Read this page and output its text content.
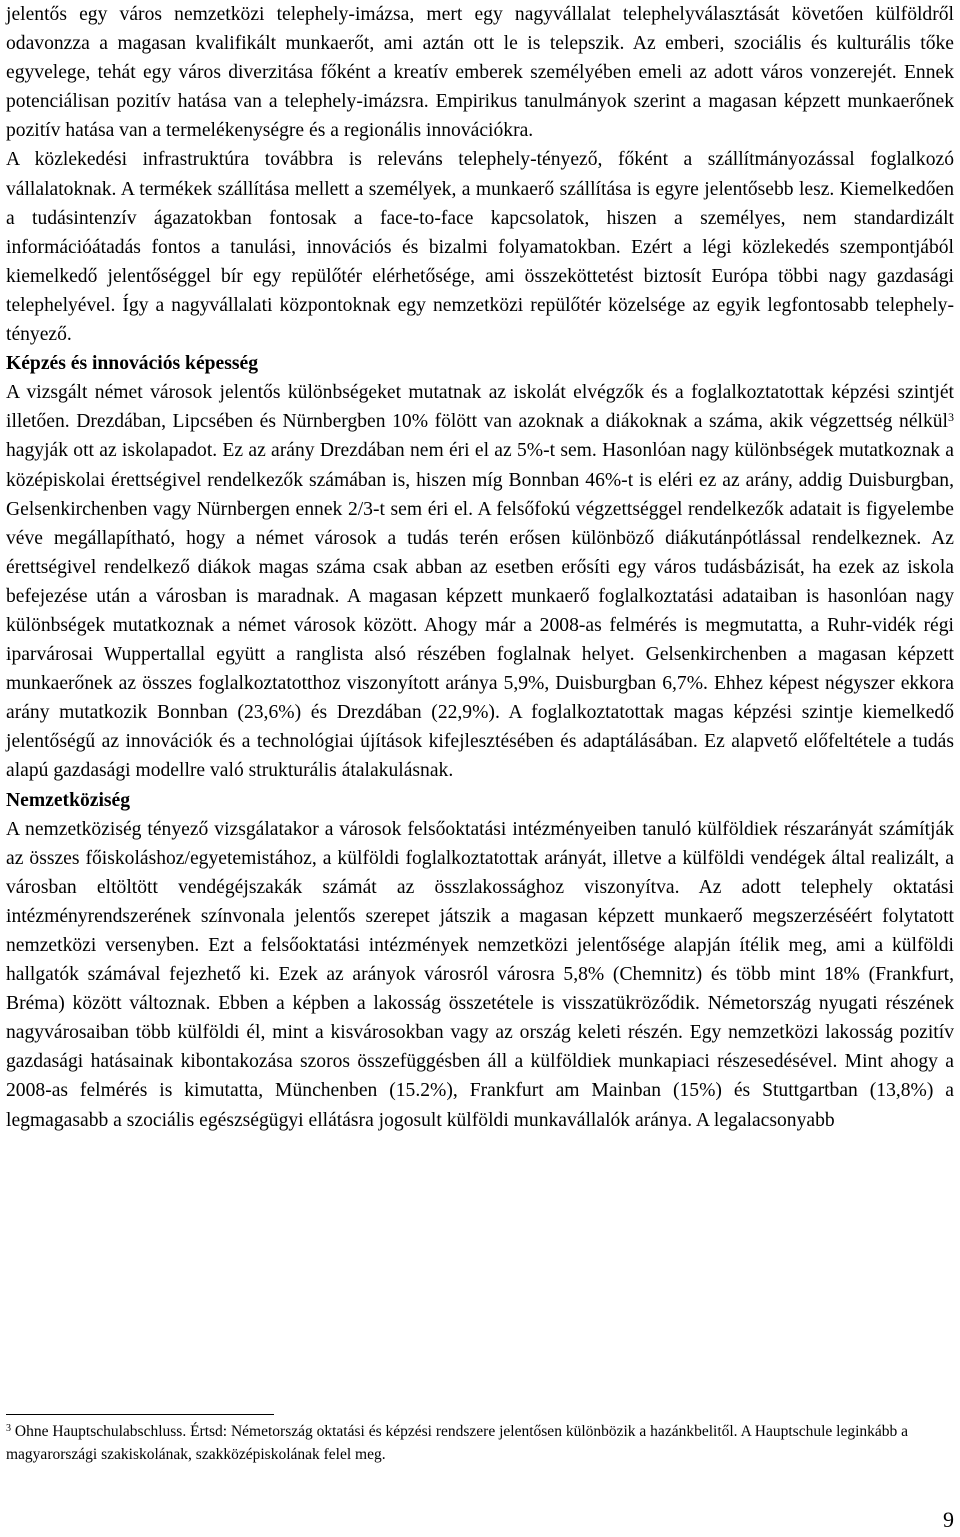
jelentős egy város nemzetközi telephely-imázsa, mert egy nagyvállalat telephelyválasztását követően külföldről odavonzza a magasan kvalifikált munkaerőt, ami aztán ott le is telepszik. Az emberi, szociális és kulturális tőke egyvelege, tehát egy város diverzitása főként a kreatív emberek személyében emeli az adott város vonzerejét. Ennek potenciálisan pozitív hatása van a telephely-imázsra. Empirikus tanulmányok szerint a magasan képzett munkaerőnek pozitív hatása van a termelékenységre és a regionális innovációkra.

A közlekedési infrastruktúra továbbra is releváns telephely-tényező, főként a szállítmányozással foglalkozó vállalatoknak. A termékek szállítása mellett a személyek, a munkaerő szállítása is egyre jelentősebb lesz. Kiemelkedően a tudásintenzív ágazatokban fontosak a face-to-face kapcsolatok, hiszen a személyes, nem standardizált információátadás fontos a tanulási, innovációs és bizalmi folyamatokban. Ezért a légi közlekedés szempontjából kiemelkedő jelentőséggel bír egy repülőtér elérhetősége, ami összeköttetést biztosít Európa többi nagy gazdasági telephelyével. Így a nagyvállalati központoknak egy nemzetközi repülőtér közelsége az egyik legfontosabb telephely-tényező.

Képzés és innovációs képesség

A vizsgált német városok jelentős különbségeket mutatnak az iskolát elvégzők és a foglalkoztatottak képzési szintjét illetően. Drezdában, Lipcsében és Nürnbergben 10% fölött van azoknak a diákoknak a száma, akik végzettség nélkül$^3$ hagyják ott az iskolapadot. Ez az arány Drezdában nem éri el az 5%-t sem. Hasonlóan nagy különbségek mutatkoznak a középiskolai érettségivel rendelkezők számában is, hiszen míg Bonnban 46%-t is eléri ez az arány, addig Duisburgban, Gelsenkirchenben vagy Nürnbergen ennek 2/3-t sem éri el. A felsőfokú végzettséggel rendelkezők adatait is figyelembe véve megállapítható, hogy a német városok a tudás terén erősen különböző diákutánpótlással rendelkeznek. Az érettségivel rendelkező diákok magas száma csak abban az esetben erősíti egy város tudásbázisát, ha ezek az iskola befejezése után a városban is maradnak. A magasan képzett munkaerő foglalkoztatási adataiban is hasonlóan nagy különbségek mutatkoznak a német városok között. Ahogy már a 2008-as felmérés is megmutatta, a Ruhr-vidék régi iparvárosai Wuppertallal együtt a ranglista alsó részében foglalnak helyet. Gelsenkirchenben a magasan képzett munkaerőnek az összes foglalkoztatotthoz viszonyított aránya 5,9%, Duisburgban 6,7%. Ehhez képest négyszer ekkora arány mutatkozik Bonnban (23,6%) és Drezdában (22,9%). A foglalkoztatottak magas képzési szintje kiemelkedő jelentőségű az innovációk és a technológiai újítások kifejlesztésében és adaptálásában. Ez alapvető előfeltétele a tudás alapú gazdasági modellre való strukturális átalakulásnak.

Nemzetköziség

A nemzetköziség tényező vizsgálatakor a városok felsőoktatási intézményeiben tanuló külföldiek részarányát számítják az összes főiskoláshoz/egyetemistához, a külföldi foglalkoztatottak arányát, illetve a külföldi vendégek által realizált, a városban eltöltött vendégéjszakák számát az összlakossághoz viszonyítva. Az adott telephely oktatási intézményrendszerének színvonala jelentős szerepet játszik a magasan képzett munkaerő megszerzéséért folytatott nemzetközi versenyben. Ezt a felsőoktatási intézmények nemzetközi jelentősége alapján ítélik meg, ami a külföldi hallgatók számával fejezhető ki. Ezek az arányok városról városra 5,8% (Chemnitz) és több mint 18% (Frankfurt, Bréma) között változnak. Ebben a képben a lakosság összetétele is visszatükröződik. Németország nyugati részének nagyvárosaiban több külföldi él, mint a kisvárosokban vagy az ország keleti részén. Egy nemzetközi lakosság pozitív gazdasági hatásainak kibontakozása szoros összefüggésben áll a külföldiek munkapiaci részesedésével. Mint ahogy a 2008-as felmérés is kimutatta, Münchenben (15.2%), Frankfurt am Mainban (15%) és Stuttgartban (13,8%) a legmagasabb a szociális egészségügyi ellátásra jogosult külföldi munkavállalók aránya. A legalacsonyabb

$^3$ Ohne Hauptschulabschluss. Értsd: Németország oktatási és képzési rendszere jelentősen különbözik a hazánkbelitől. A Hauptschule leginkább a magyarországi szakiskolának, szakközépiskolának felel meg.

9
